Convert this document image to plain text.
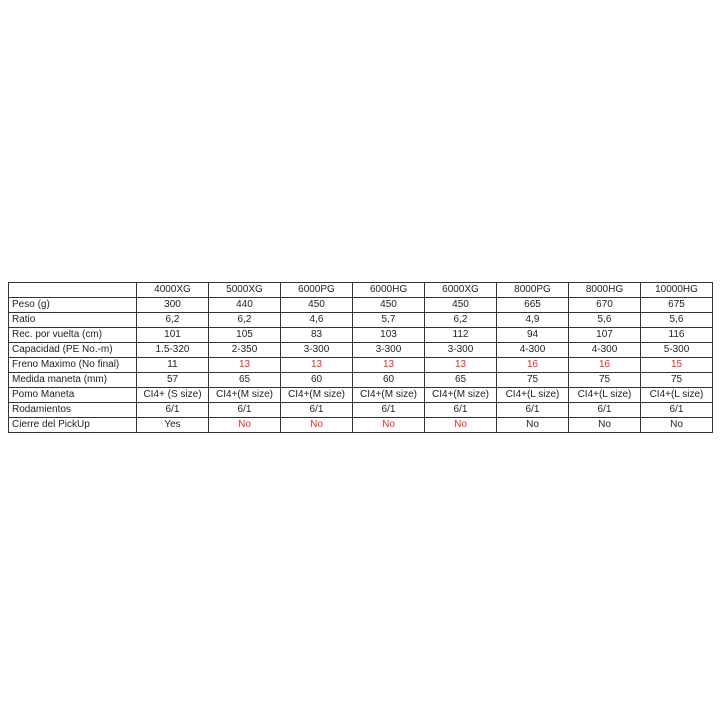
	4000XG	5000XG	6000PG	6000HG	6000XG	8000PG	8000HG	10000HG
Peso (g)	300	440	450	450	450	665	670	675
Ratio	6,2	6,2	4,6	5,7	6,2	4,9	5,6	5,6
Rec. por vuelta (cm)	101	105	83	103	112	94	107	116
Capacidad (PE No.-m)	1.5-320	2-350	3-300	3-300	3-300	4-300	4-300	5-300
Freno Maximo (No final)	11	13	13	13	13	16	16	15
Medida maneta (mm)	57	65	60	60	65	75	75	75
Pomo Maneta	CI4+ (S size)	CI4+(M size)	CI4+(M size)	CI4+(M size)	CI4+(M size)	CI4+(L size)	CI4+(L size)	CI4+(L size)
Rodamientos	6/1	6/1	6/1	6/1	6/1	6/1	6/1	6/1
Cierre del PickUp	Yes	No	No	No	No	No	No	No
